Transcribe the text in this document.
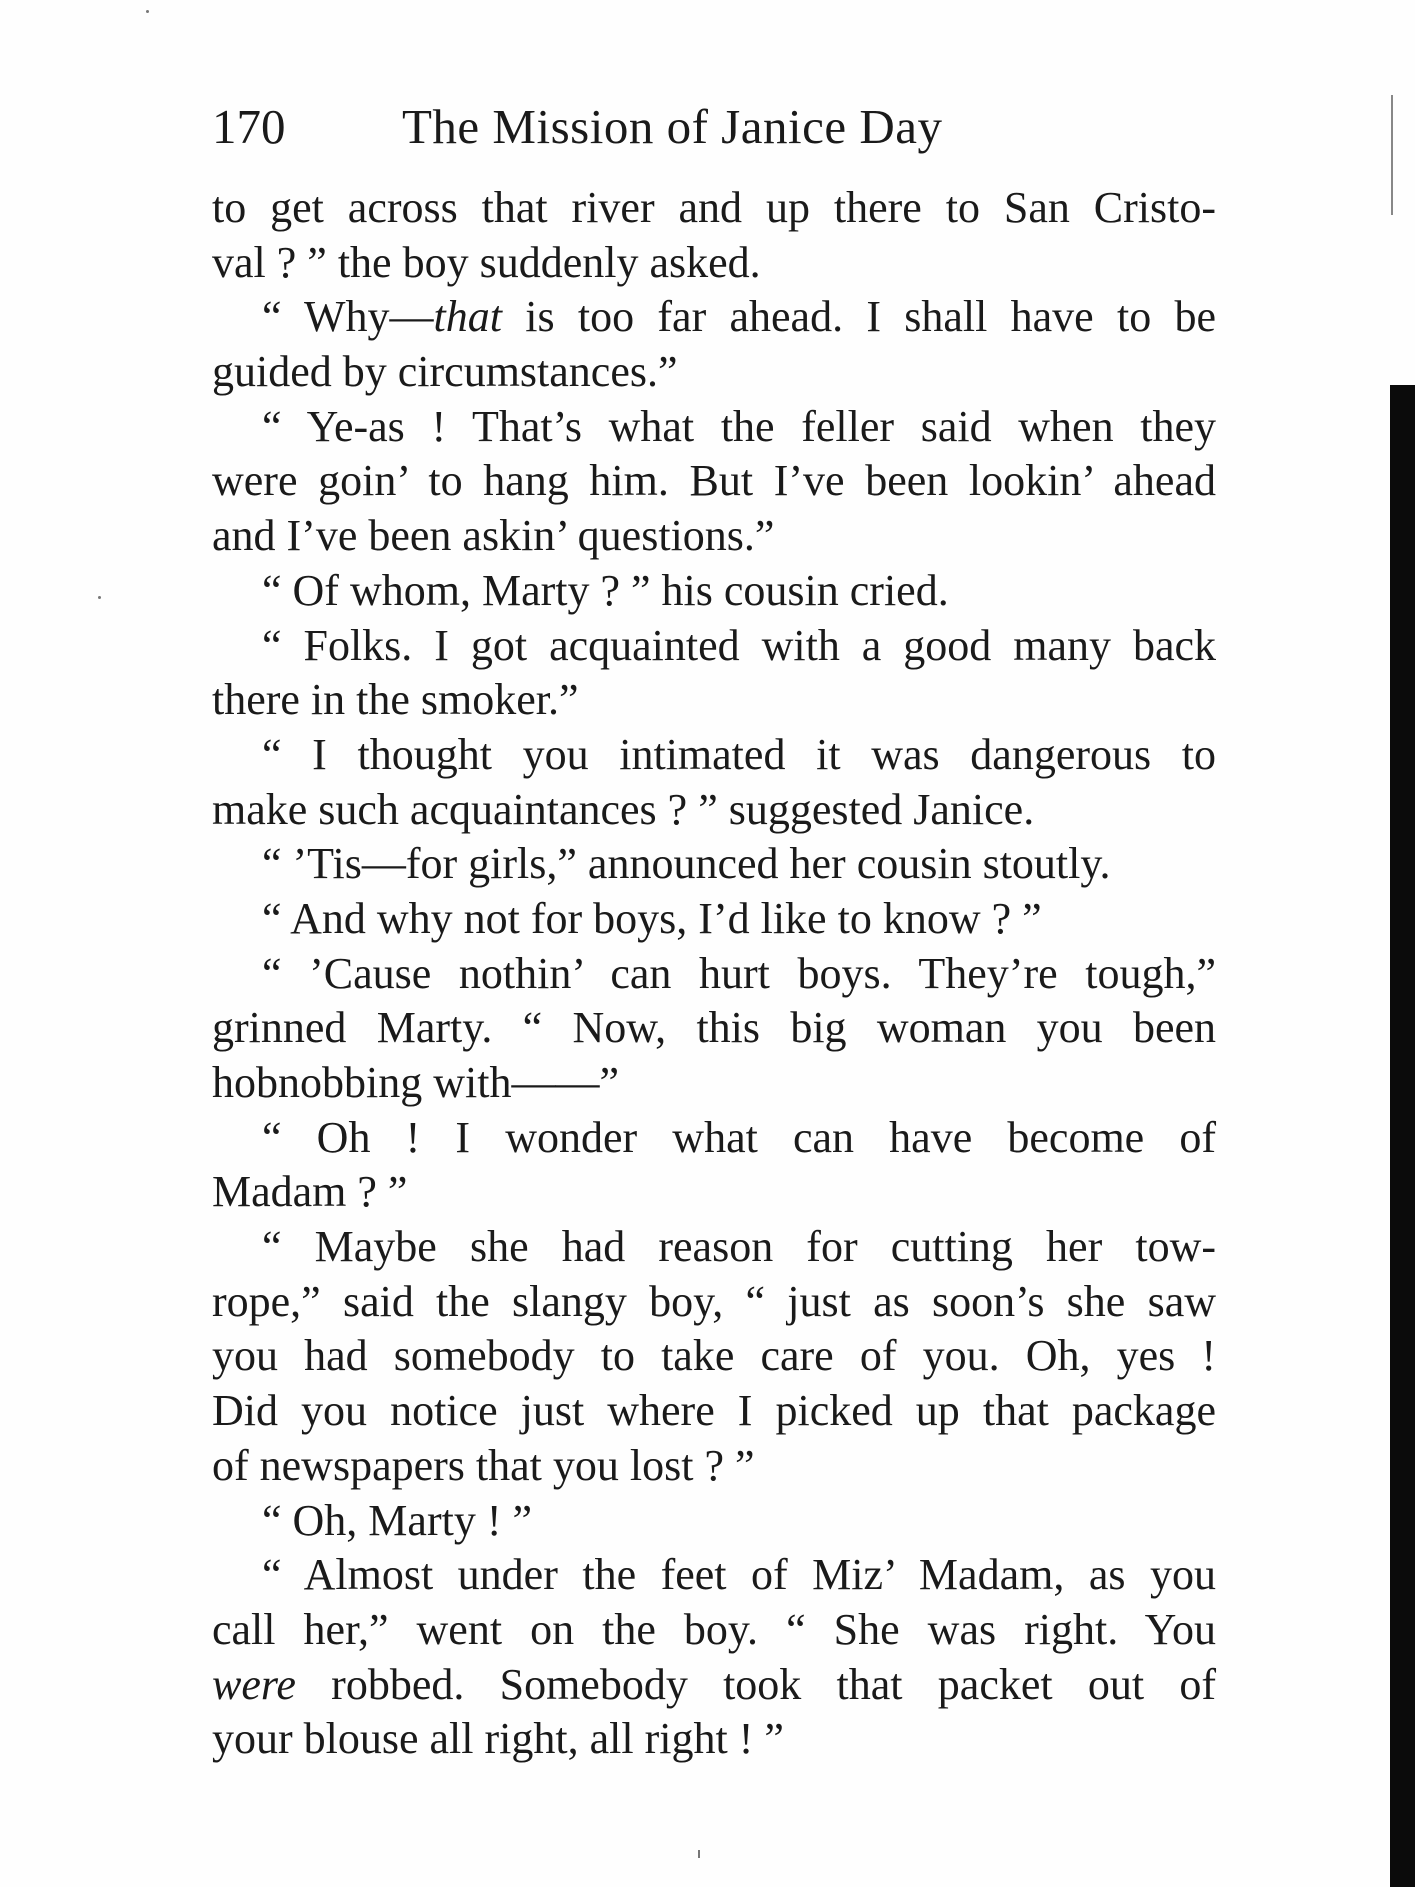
170 The Mission of Janice Day
to get across that river and up there to San Cristo-
val ? ” the boy suddenly asked.
“ Why—that is too far ahead. I shall have to be
guided by circumstances.”
“ Ye-as ! That’s what the feller said when they
were goin’ to hang him. But I’ve been lookin’ ahead
and I’ve been askin’ questions.”
“ Of whom, Marty ? ” his cousin cried.
“ Folks. I got acquainted with a good many back
there in the smoker.”
“ I thought you intimated it was dangerous to
make such acquaintances ? ” suggested Janice.
“ ’Tis—for girls,” announced her cousin stoutly.
“ And why not for boys, I’d like to know ? ”
“ ’Cause nothin’ can hurt boys. They’re tough,”
grinned Marty. “ Now, this big woman you been
hobnobbing with——”
“ Oh ! I wonder what can have become of
Madam ? ”
“ Maybe she had reason for cutting her tow-
rope,” said the slangy boy, “ just as soon’s she saw
you had somebody to take care of you. Oh, yes !
Did you notice just where I picked up that package
of newspapers that you lost ? ”
“ Oh, Marty ! ”
“ Almost under the feet of Miz’ Madam, as you
call her,” went on the boy. “ She was right. You
were robbed. Somebody took that packet out of
your blouse all right, all right ! ”
